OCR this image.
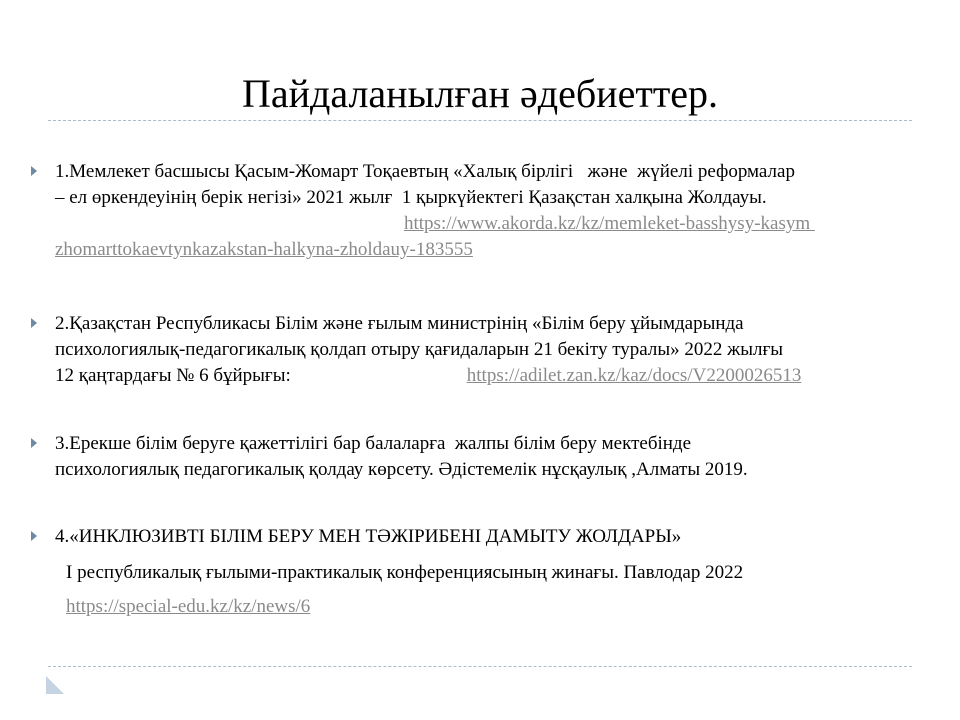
Пайдаланылған әдебиеттер.
1.Мемлекет басшысы Қасым-Жомарт Тоқаевтың «Халық бірлігі   және  жүйелі реформалар
– ел өркендеуінің берік негізі» 2021 жылғ  1 қыркүйектегі Қазақстан халқына Жолдауы.
https://www.akorda.kz/kz/memleket-basshysy-kasym
zhomarttokaevtynkazakstan-halkyna-zholdauy-183555
2.Қазақстан Республикасы Білім және ғылым министрінің «Білім беру ұйымдарында
психологиялық-педагогикалық қолдап отыру қағидаларын 21 бекіту туралы» 2022 жылғы
12 қаңтардағы № 6 бұйрығы:	https://adilet.zan.kz/kaz/docs/V2200026513
3.Ерекше білім беруге қажеттілігі бар балаларға  жалпы білім беру мектебінде
психологиялық педагогикалық қолдау көрсету. Әдістемелік нұсқаулық ,Алматы 2019.
4.«ИНКЛЮЗИВТІ БІЛІМ БЕРУ МЕН ТӘЖІРИБЕНІ ДАМЫТУ ЖОЛДАРЫ»
І республикалық ғылыми-практикалық конференциясының жинағы. Павлодар 2022
https://special-edu.kz/kz/news/6
